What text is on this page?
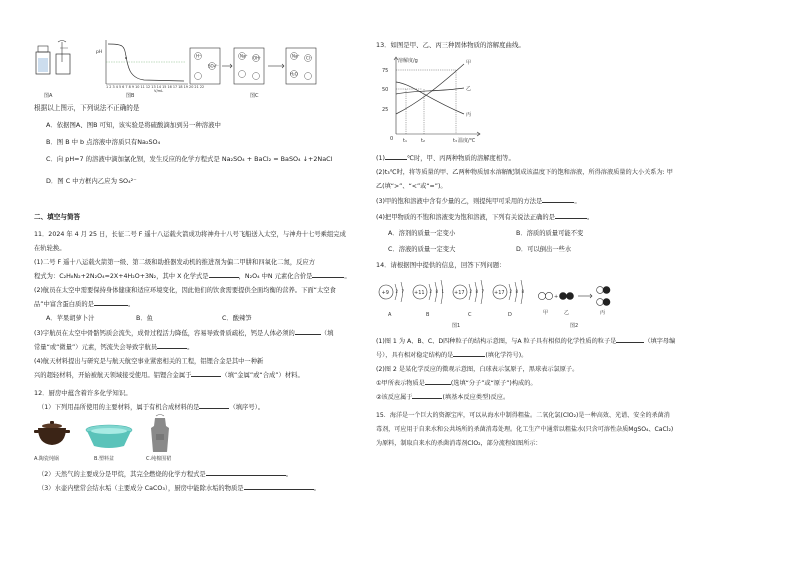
图A
pH
1 2 3 4 5 6 7 8 9 10 11 12 13 14 15 16 17 18 19 20 21 22
V/mL
图B
H⁺
SO₄²⁻
Na⁺ OH⁻	Na⁺ Cl⁻
H₂O
图C
根据以上图示，下列说法不正确的是
A．依据图A、图B 可知，该实验是将硫酸滴加到另一种溶液中
B．图 B 中 b 点溶液中溶质只有Na₂SO₄
C．向 pH=7 的溶液中滴加氯化钡，发生反应的化学方程式是 Na₂SO₄ + BaCl₂ = BaSO₄ ↓+2NaCl
D．图 C 中方框内乙应为 SO₄²⁻
二、填空与简答
11．2024 年 4 月 25 日，长征二号 F 遥十八运载火箭成功将神舟十八号飞船送入太空，与神舟十七号乘组完成
在轨轮换。
(1)二号 F 遥十八运载火箭第一级、第二级和助推器发动机的推进剂为偏二甲肼和四氧化二氮，反应方
程式为：C₂H₈N₂+2N₂O₄=2X+4H₂O+3N₂，其中 X 化学式是	，N₂O₄ 中N 元素化合价是	。
(2)航员在太空中需要保持身体健康和适应环境变化，因此他们的饮食需要提供全面均衡的营养。下面“太空食
品”中富含蛋白质的是	。
A．苹果胡萝卜汁	B．鱼	C．酸辣笋
(3)宇航员在太空中骨骼钙质会流失，成骨过程活力降低，容易导致骨质疏松，钙是人体必须的	（填
常量“或“微量”）元素，钙流失会导致宇航员	。
(4)航天材料提出与研究是与航天航空事业紧密相关的工程，铝锂合金是其中一种新
兴的超轻材料，开始被航天领域接受使用。铝锂合金属于	（填“金属”或“合成”）材料。
12．厨房中蕴含着许多化学知识。
（1）下列用品所使用的主要材料，属于有机合成材料的是	（填序号）。
A.陶瓷炖锅	B.塑料盆	C.纯棉围裙
（2）天然气的主要成分是甲烷，其完全燃烧的化学方程式是	。
（3）水壶内壁常会结水垢（主要成分 CaCO₃），厨房中能除水垢的物质是	。
13．如图是甲、乙、丙三种固体物质的溶解度曲线。
溶解度/g
75
50
25
0
甲
乙
丙
t₁	t₂	t₃ 温度/℃
(1)	℃时，甲、丙两种物质的溶解度相等。
(2)t₃℃时，将等质量的甲、乙两种物质加水溶解配制成该温度下的饱和溶液，所得溶液质量的大小关系为: 甲
乙(填“>”、“<”或“=”)。
(3)甲的饱和溶液中含有少量的乙，则提纯甲可采用的方法是	。
(4)把甲物质的不饱和溶液变为饱和溶液，下列有关说法正确的是	。
A．溶剂的质量一定变小	B．溶质的质量可能不变
C．溶液的质量一定变大	D．可以倒出一些水
14．请根据图中提供的信息，回答下列问题：
+9 2 7
A
+11 2 8 1
B
+17 2 8 7
C
+17 2 8 8
D
图1
+
甲	乙	丙
图2
(1)图 1 为 A、B、C、D四种粒子的结构示意图，与A 粒子具有相似的化学性质的粒子是	（填字母编
号），具有相对稳定结构的是	(填化学符号)。
(2)图 2 是某化学反应的微观示意图，白球表示氢原子，黑球表示氯原子。
①甲所表示物质是	(选填“分子”或“原子”)构成的。
②该反应属于	(填基本反应类型)反应。
15．海洋是一个巨大的资源宝库，可以从海水中制得粗盐。二氧化氯(ClO₂)是一种高效、光谱、安全的杀菌消
毒剂，可应用于自来水和公共场所的杀菌消毒处理。化工生产中通常以粗盐水(只含可溶性杂质MgSO₄、CaCl₂)
为原料，制取自来水的杀菌消毒剂ClO₂，部分流程如图所示：
